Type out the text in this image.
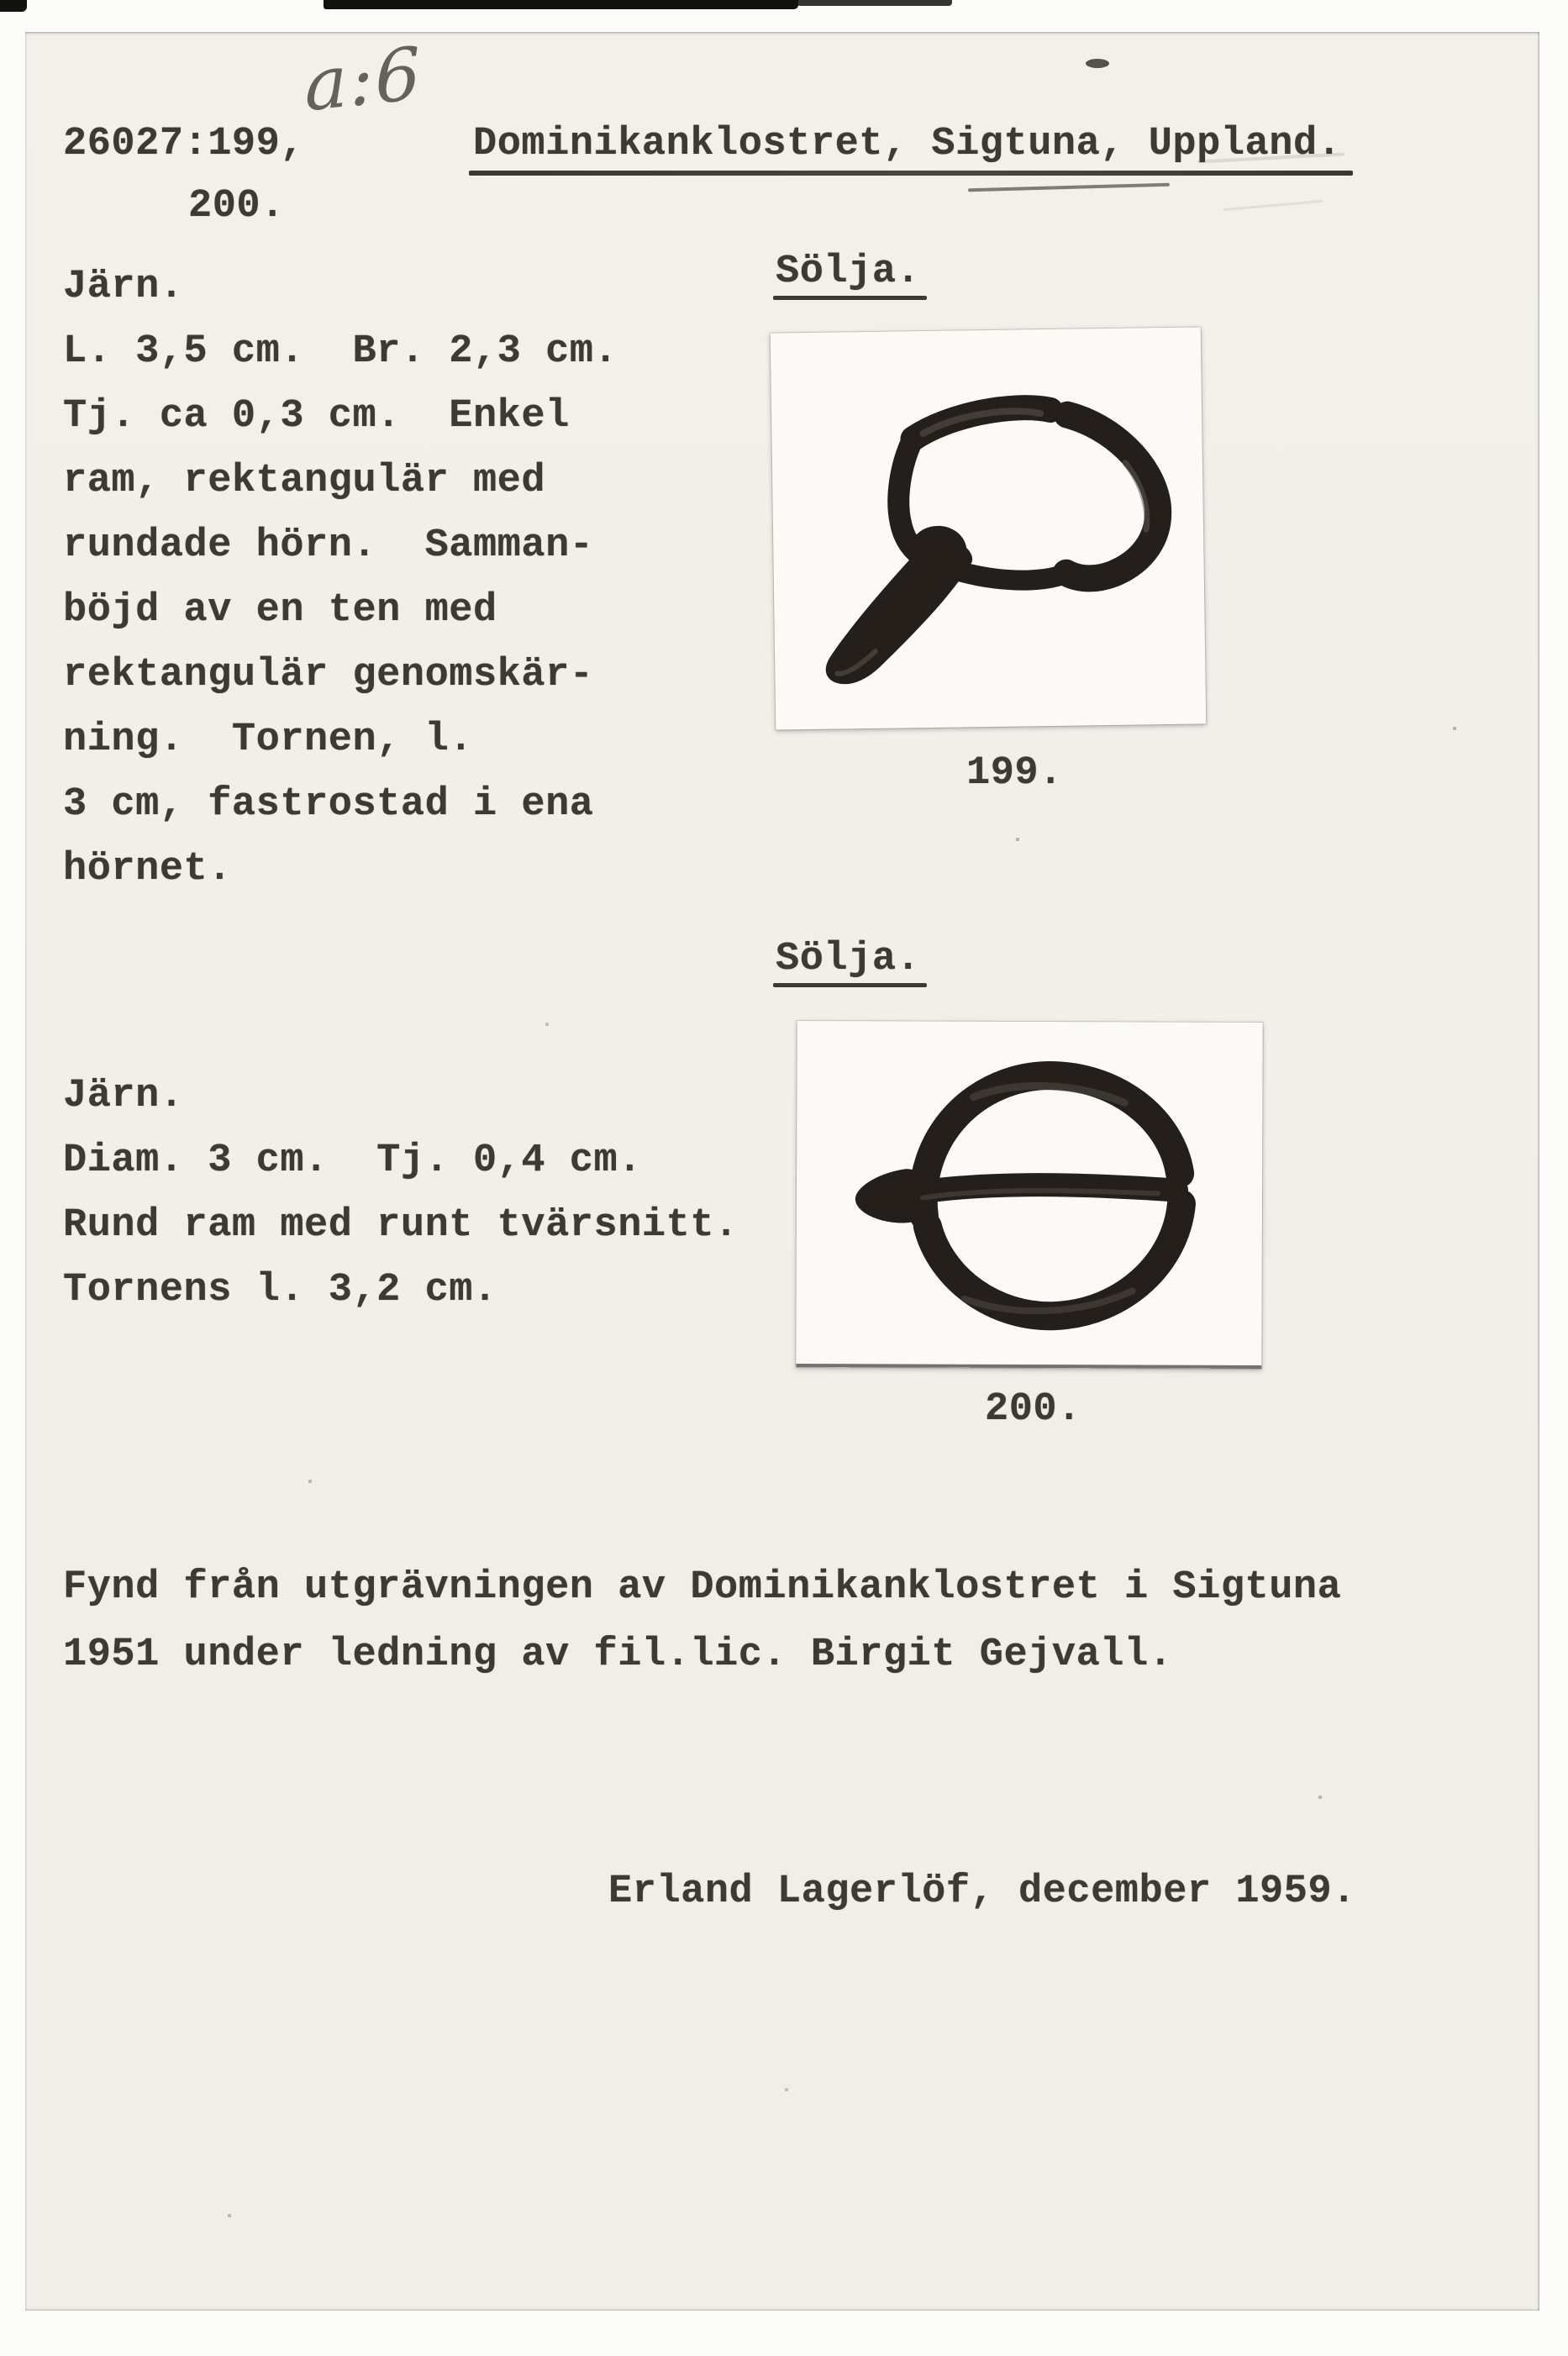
a:6
26027:199,
200.
Dominikanklostret, Sigtuna, Uppland.
Sölja.
Järn.
L. 3,5 cm.  Br. 2,3 cm.
Tj. ca 0,3 cm.  Enkel
ram, rektangulär med
rundade hörn.  Samman-
böjd av en ten med
rektangulär genomskär-
ning.  Tornen, l.
3 cm, fastrostad i ena
hörnet.
199.
Sölja.
Järn.
Diam. 3 cm.  Tj. 0,4 cm.
Rund ram med runt tvärsnitt.
Tornens l. 3,2 cm.
200.
Fynd från utgrävningen av Dominikanklostret i Sigtuna
1951 under ledning av fil.lic. Birgit Gejvall.
Erland Lagerlöf, december 1959.
